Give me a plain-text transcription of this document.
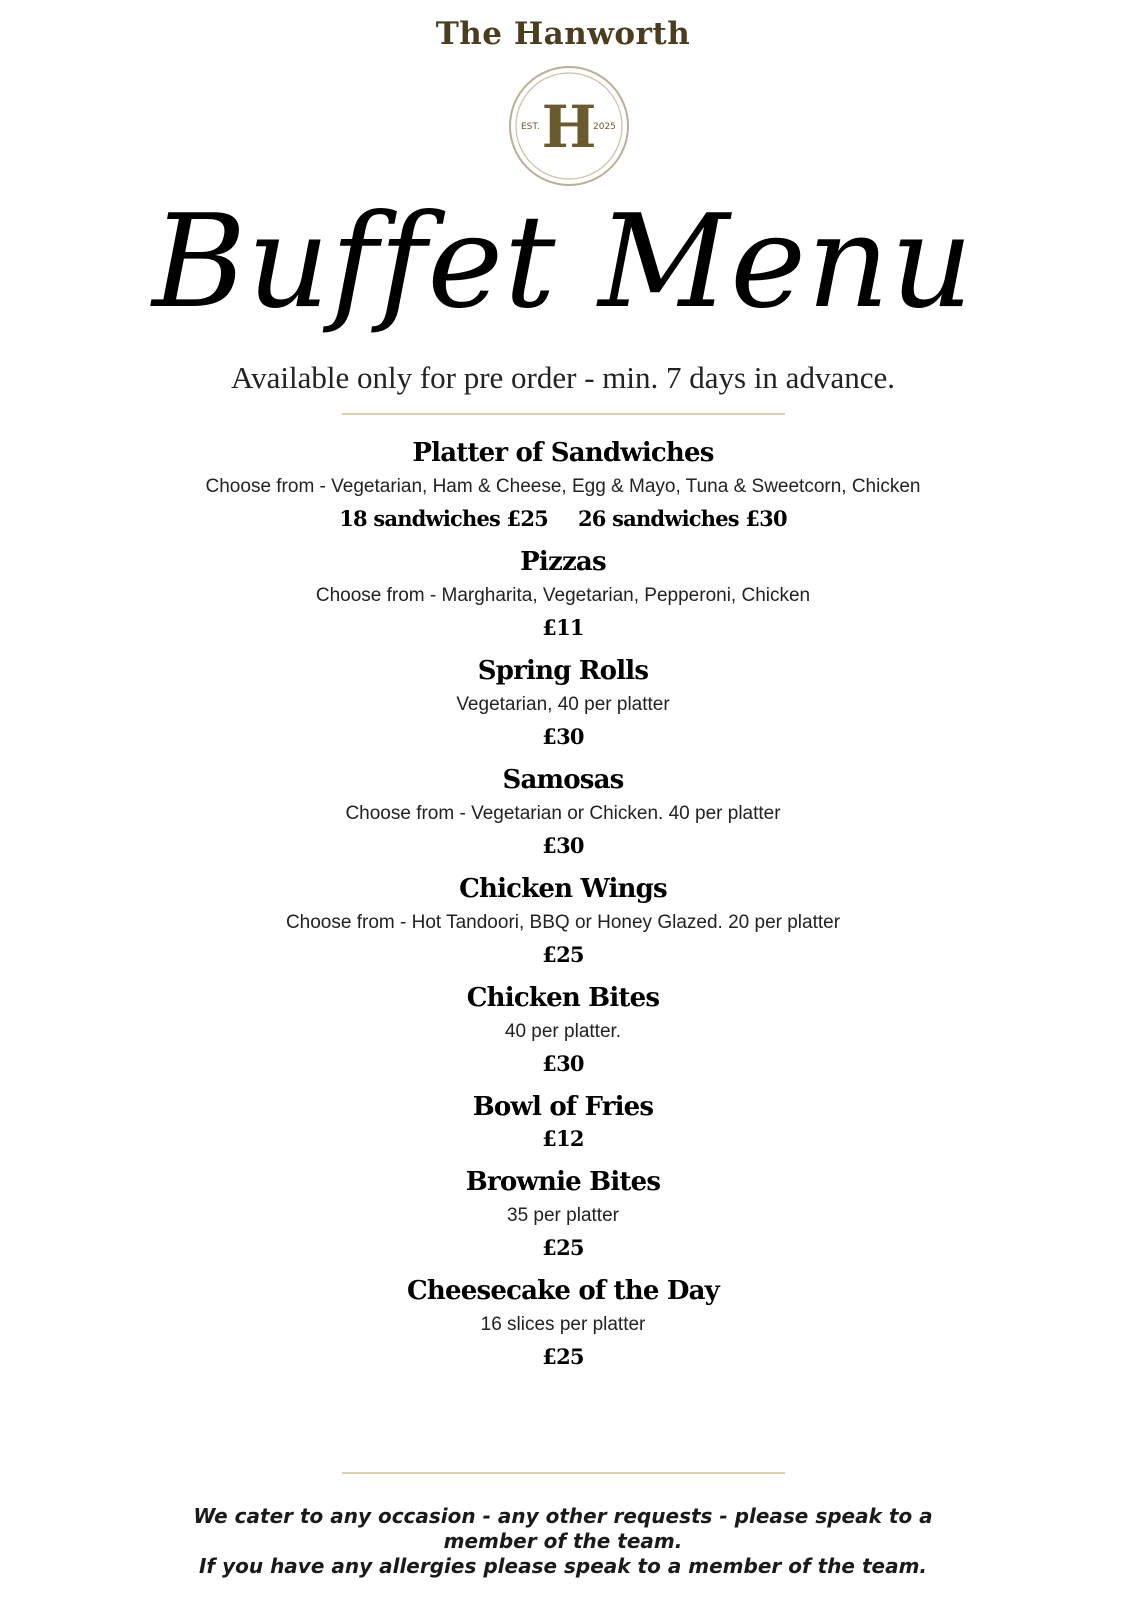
The Hanworth
H
EST.	2025
Buffet Menu
Available only for pre order - min. 7 days in advance.
Platter of Sandwiches
Choose from - Vegetarian, Ham & Cheese, Egg & Mayo, Tuna & Sweetcorn, Chicken
18 sandwiches £25 26 sandwiches £30
Pizzas
Choose from - Margharita, Vegetarian, Pepperoni, Chicken
£11
Spring Rolls
Vegetarian, 40 per platter
£30
Samosas
Choose from - Vegetarian or Chicken. 40 per platter
£30
Chicken Wings
Choose from - Hot Tandoori, BBQ or Honey Glazed. 20 per platter
£25
Chicken Bites
40 per platter.
£30
Bowl of Fries
£12
Brownie Bites
35 per platter
£25
Cheesecake of the Day
16 slices per platter
£25
We cater to any occasion - any other requests - please speak to a member of the team.
If you have any allergies please speak to a member of the team.
